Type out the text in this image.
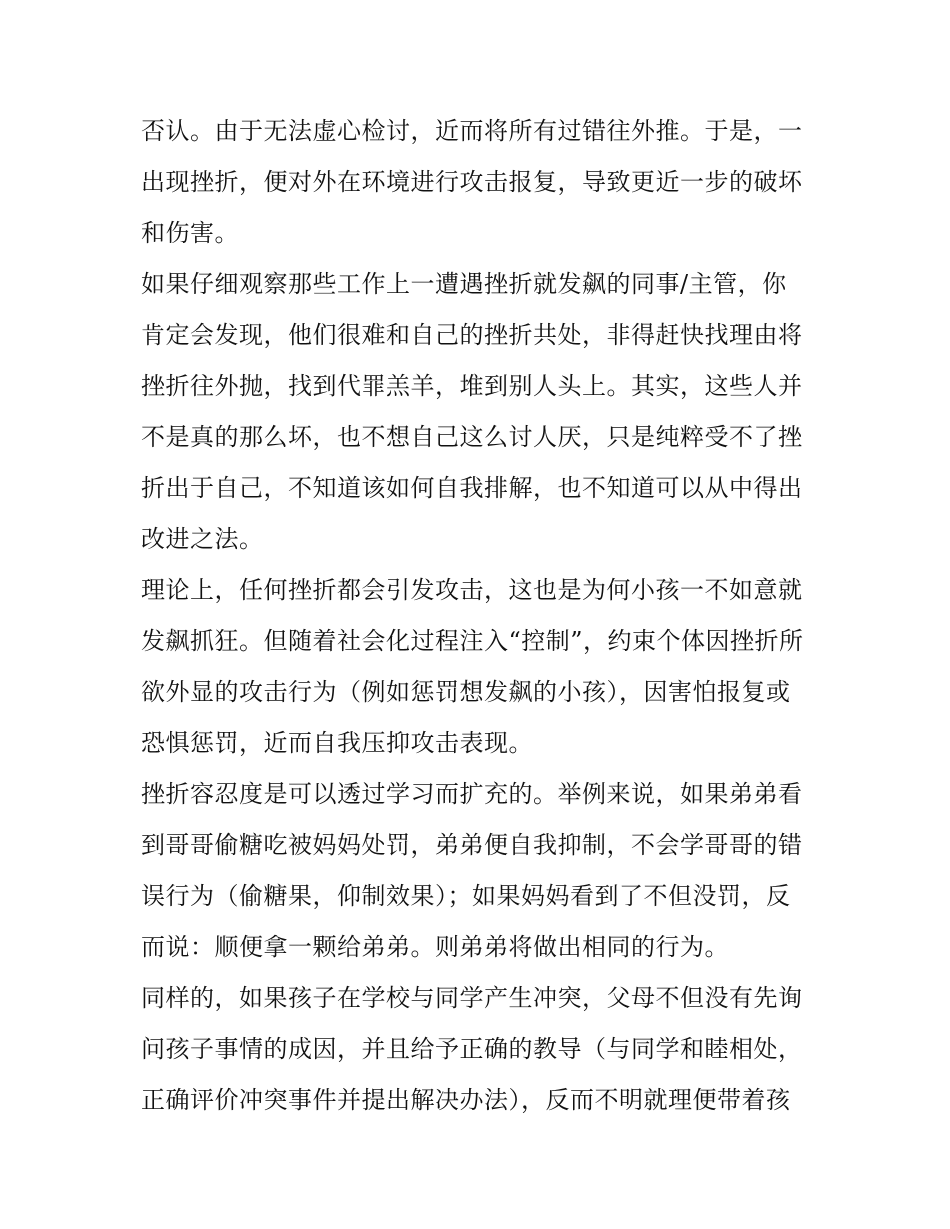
否认。由于无法虚心检讨，近而将所有过错往外推。于是，一
出现挫折，便对外在环境进行攻击报复，导致更近一步的破坏
和伤害。
如果仔细观察那些工作上一遭遇挫折就发飙的同事/主管，你
肯定会发现，他们很难和自己的挫折共处，非得赶快找理由将
挫折往外抛，找到代罪羔羊，堆到别人头上。其实，这些人并
不是真的那么坏，也不想自己这么讨人厌，只是纯粹受不了挫
折出于自己，不知道该如何自我排解，也不知道可以从中得出
改进之法。
理论上，任何挫折都会引发攻击，这也是为何小孩一不如意就
发飙抓狂。但随着社会化过程注入“控制”，约束个体因挫折所
欲外显的攻击行为（例如惩罚想发飙的小孩），因害怕报复或
恐惧惩罚，近而自我压抑攻击表现。
挫折容忍度是可以透过学习而扩充的。举例来说，如果弟弟看
到哥哥偷糖吃被妈妈处罚，弟弟便自我抑制，不会学哥哥的错
误行为（偷糖果，仰制效果）；如果妈妈看到了不但没罚，反
而说：顺便拿一颗给弟弟。则弟弟将做出相同的行为。
同样的，如果孩子在学校与同学产生冲突，父母不但没有先询
问孩子事情的成因，并且给予正确的教导（与同学和睦相处，
正确评价冲突事件并提出解决办法），反而不明就理便带着孩
